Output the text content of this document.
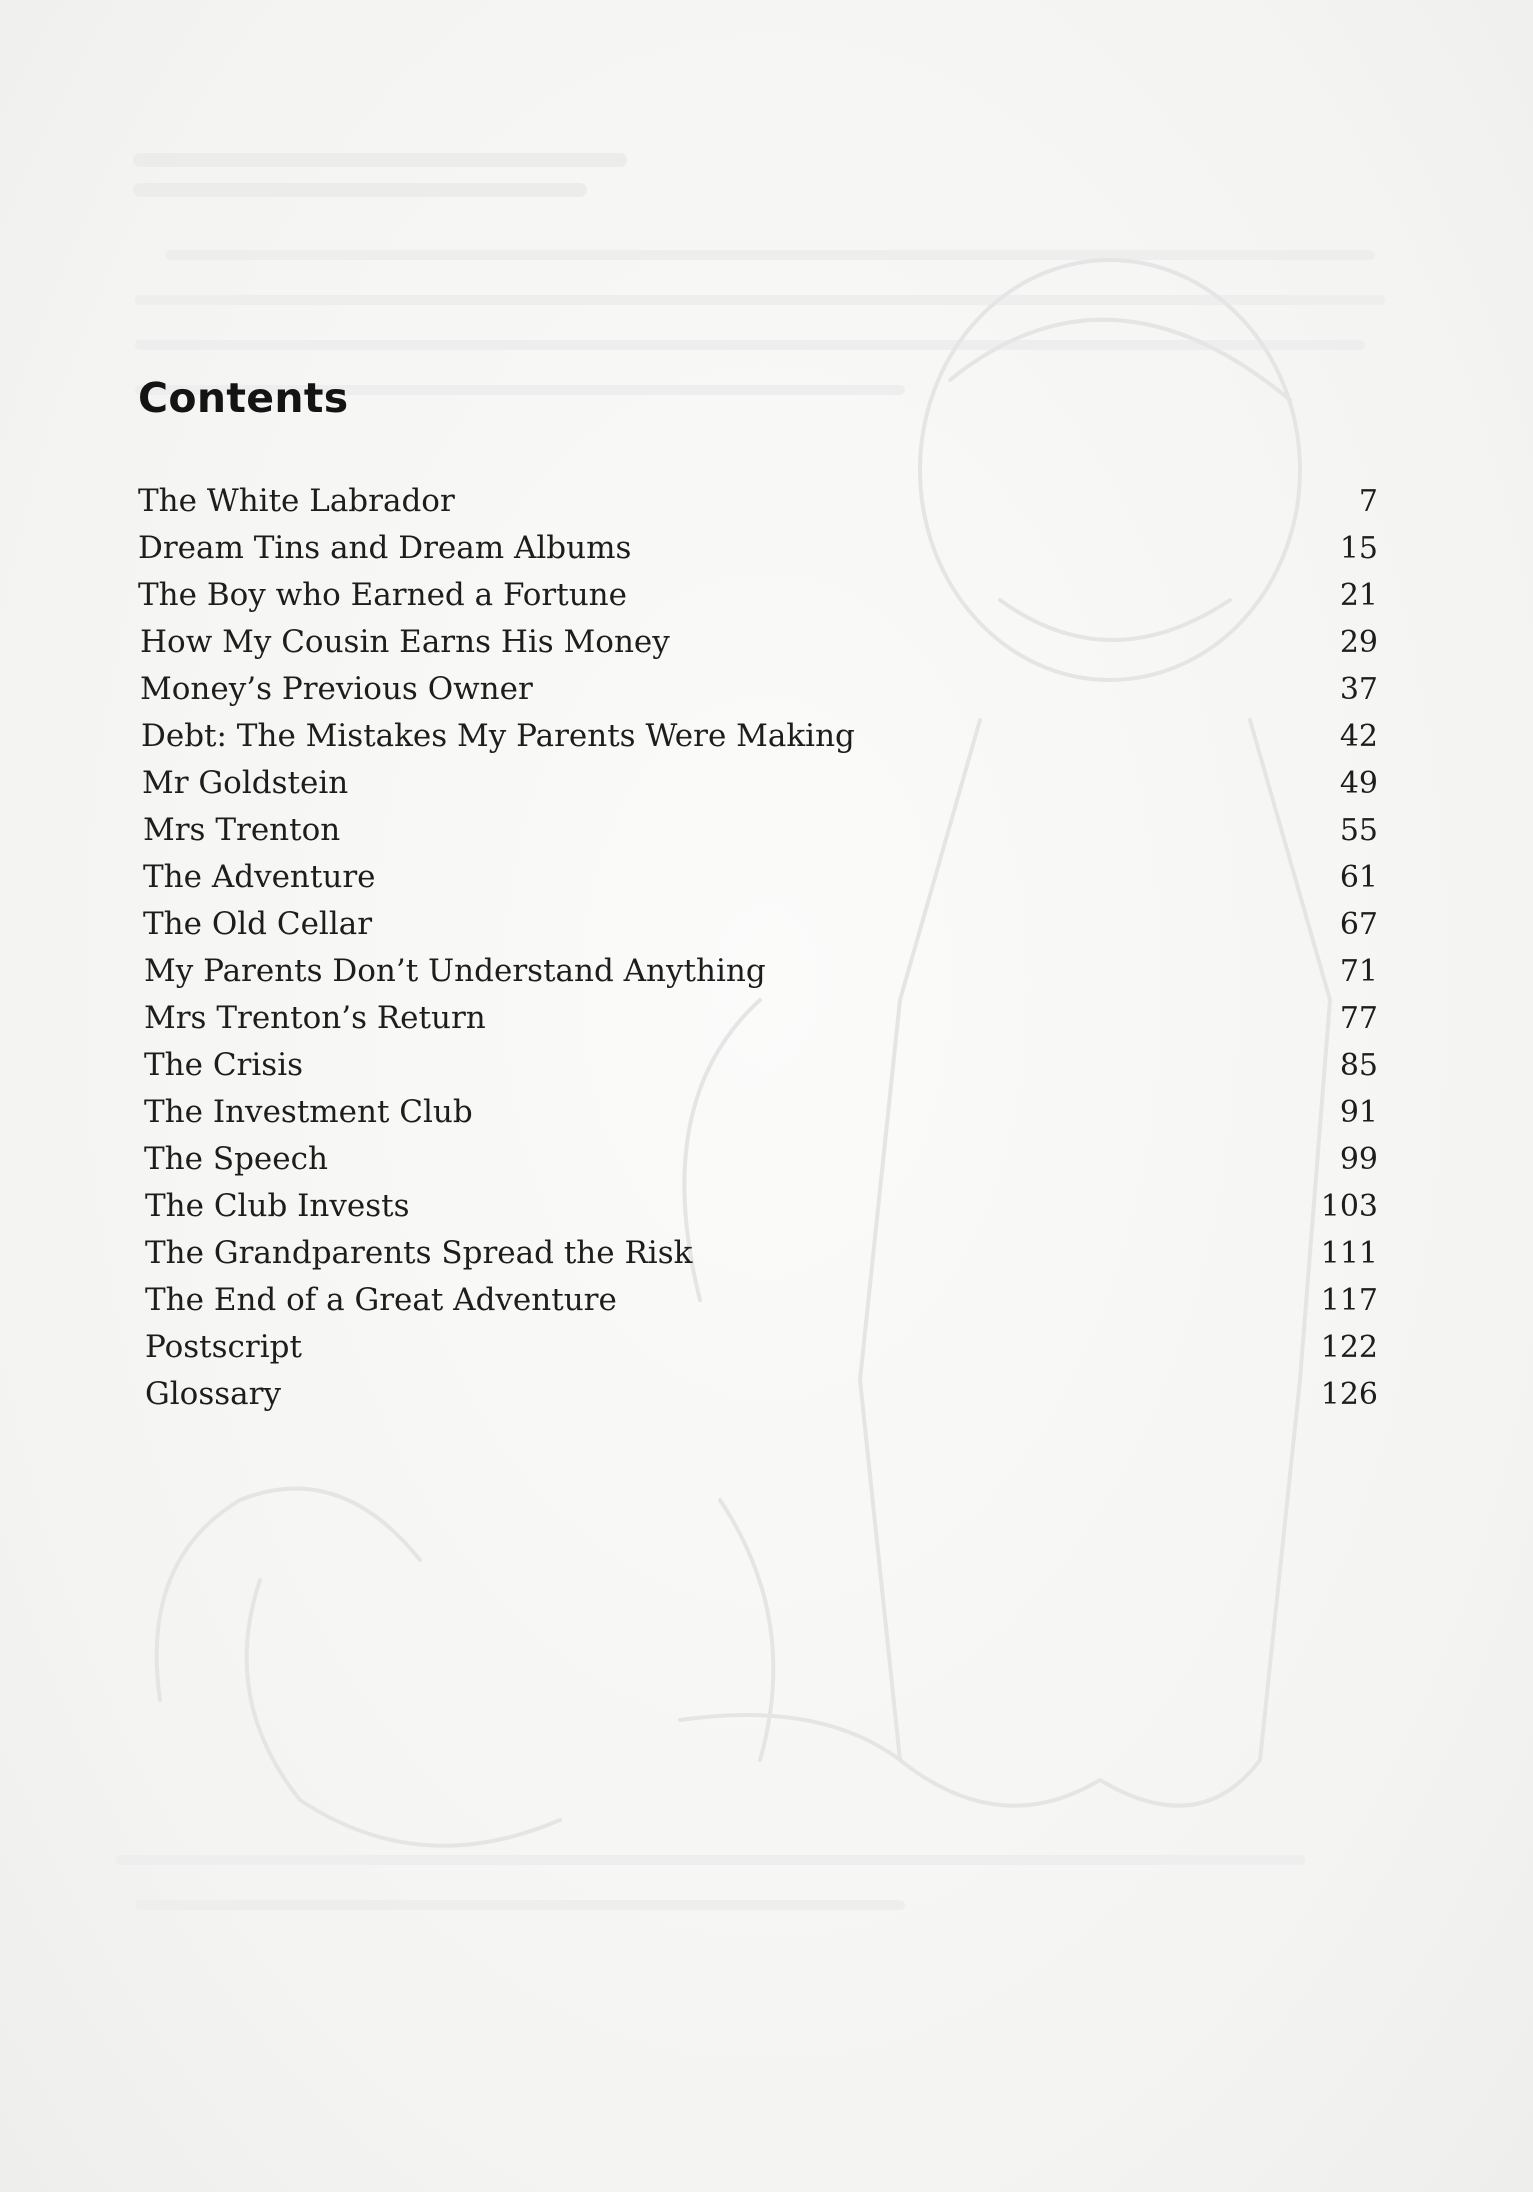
Contents
The White Labrador	7
Dream Tins and Dream Albums	15
The Boy who Earned a Fortune	21
How My Cousin Earns His Money	29
Money’s Previous Owner	37
Debt: The Mistakes My Parents Were Making	42
Mr Goldstein	49
Mrs Trenton	55
The Adventure	61
The Old Cellar	67
My Parents Don’t Understand Anything	71
Mrs Trenton’s Return	77
The Crisis	85
The Investment Club	91
The Speech	99
The Club Invests	103
The Grandparents Spread the Risk	111
The End of a Great Adventure	117
Postscript	122
Glossary	126
